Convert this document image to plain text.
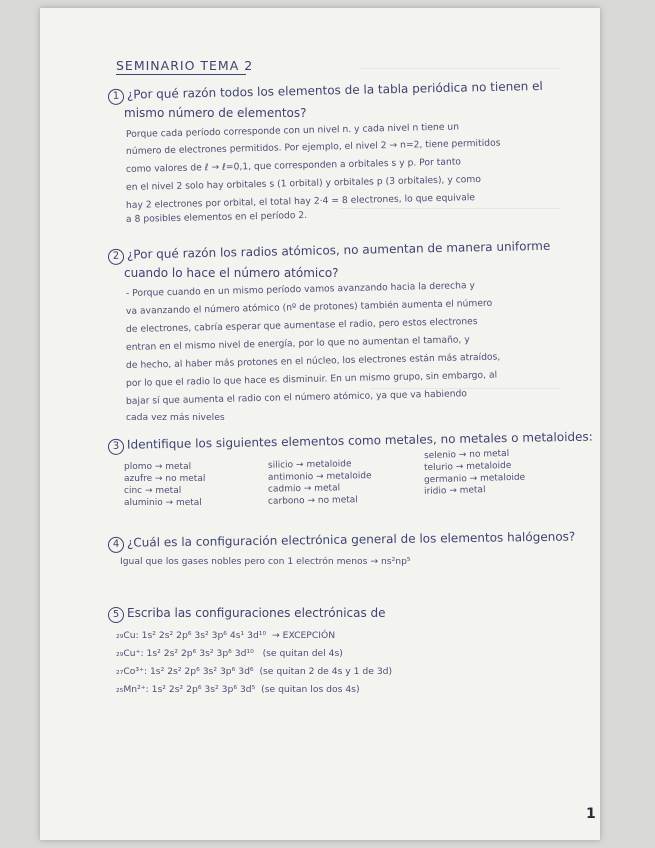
SEMINARIO TEMA 2
1 ¿Por qué razón todos los elementos de la tabla periódica no tienen el
mismo número de elementos?
Porque cada período corresponde con un nivel n. y cada nivel n tiene un
número de electrones permitidos. Por ejemplo, el nivel 2 → n=2, tiene permitidos
como valores de ℓ → ℓ=0,1, que corresponden a orbitales s y p. Por tanto
en el nivel 2 solo hay orbitales s (1 orbital) y orbitales p (3 orbitales), y como
hay 2 electrones por orbital, el total hay 2·4 = 8 electrones, lo que equivale
a 8 posibles elementos en el período 2.
2 ¿Por qué razón los radios atómicos, no aumentan de manera uniforme
cuando lo hace el número atómico?
- Porque cuando en un mismo período vamos avanzando hacia la derecha y
va avanzando el número atómico (nº de protones) también aumenta el número
de electrones, cabría esperar que aumentase el radio, pero estos electrones
entran en el mismo nivel de energía, por lo que no aumentan el tamaño, y
de hecho, al haber más protones en el núcleo, los electrones están más atraídos,
por lo que el radio lo que hace es disminuir. En un mismo grupo, sin embargo, al
bajar sí que aumenta el radio con el número atómico, ya que va habiendo
cada vez más niveles
3 Identifique los siguientes elementos como metales, no metales o metaloides:
plomo → metal
azufre → no metal
cinc → metal
aluminio → metal
silicio → metaloide
antimonio → metaloide
cadmio → metal
carbono → no metal
selenio → no metal
telurio → metaloide
germanio → metaloide
iridio → metal
4 ¿Cuál es la configuración electrónica general de los elementos halógenos?
Igual que los gases nobles pero con 1 electrón menos → ns²np⁵
5 Escriba las configuraciones electrónicas de
₂₉Cu: 1s² 2s² 2p⁶ 3s² 3p⁶ 4s¹ 3d¹⁰ → EXCEPCIÓN
₂₉Cu⁺: 1s² 2s² 2p⁶ 3s² 3p⁶ 3d¹⁰ (se quitan del 4s)
₂₇Co³⁺: 1s² 2s² 2p⁶ 3s² 3p⁶ 3d⁶ (se quitan 2 de 4s y 1 de 3d)
₂₅Mn²⁺: 1s² 2s² 2p⁶ 3s² 3p⁶ 3d⁵ (se quitan los dos 4s)
1
